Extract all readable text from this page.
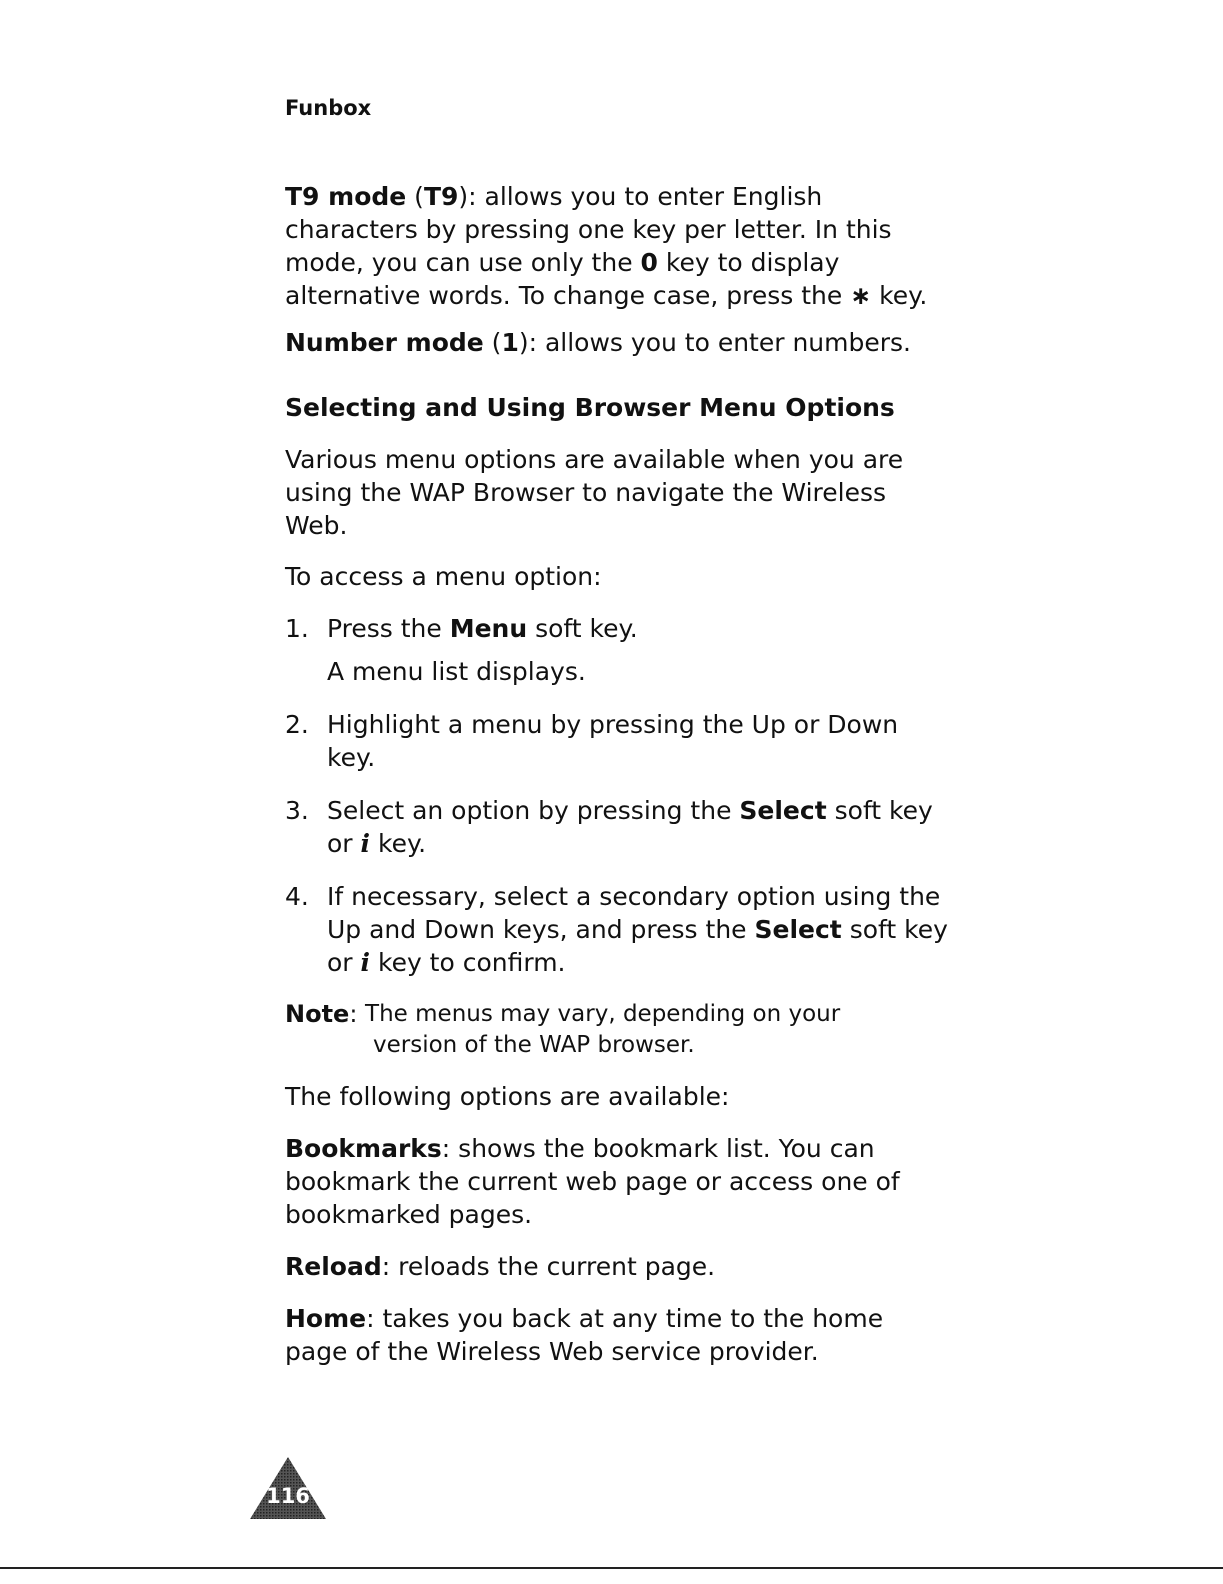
Funbox

T9 mode (T9): allows you to enter English characters by pressing one key per letter. In this mode, you can use only the 0 key to display alternative words. To change case, press the ∗ key.

Number mode (1): allows you to enter numbers.

Selecting and Using Browser Menu Options

Various menu options are available when you are using the WAP Browser to navigate the Wireless Web.

To access a menu option:

1. Press the Menu soft key.

A menu list displays.

2. Highlight a menu by pressing the Up or Down key.

3. Select an option by pressing the Select soft key or i key.

4. If necessary, select a secondary option using the Up and Down keys, and press the Select soft key or i key to confirm.

Note: The menus may vary, depending on your
version of the WAP browser.

The following options are available:

Bookmarks: shows the bookmark list. You can bookmark the current web page or access one of bookmarked pages.

Reload: reloads the current page.

Home: takes you back at any time to the home page of the Wireless Web service provider.

116
